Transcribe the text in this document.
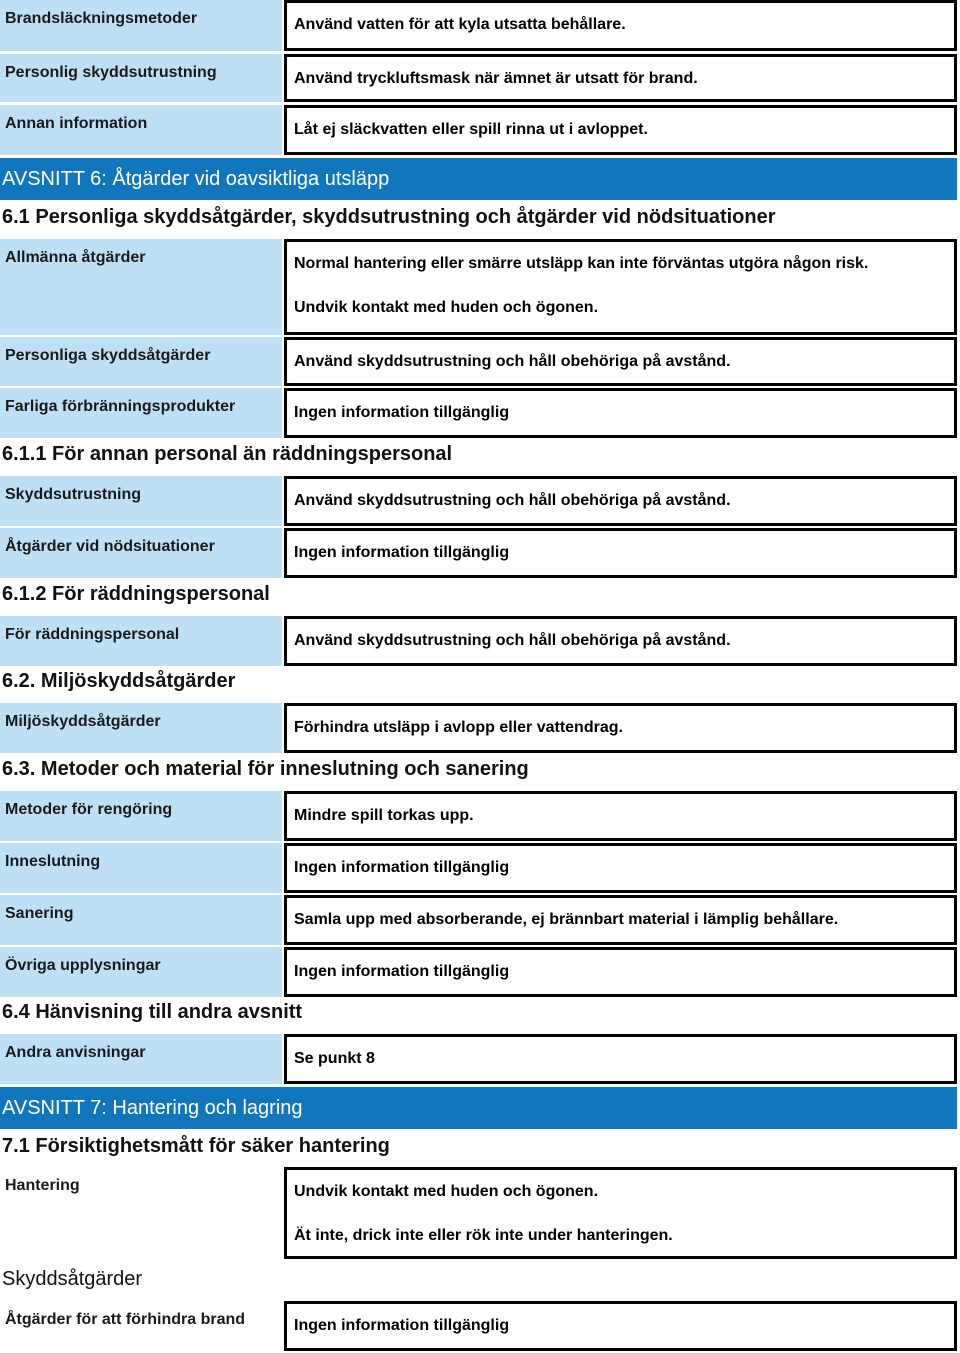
Brandsläckningsmetoder	Använd vatten för att kyla utsatta behållare.
Personlig skyddsutrustning	Använd tryckluftsmask när ämnet är utsatt för brand.
Annan information	Låt ej släckvatten eller spill rinna ut i avloppet.
AVSNITT 6: Åtgärder vid oavsiktliga utsläpp
6.1 Personliga skyddsåtgärder, skyddsutrustning och åtgärder vid nödsituationer
Allmänna åtgärder	Normal hantering eller smärre utsläpp kan inte förväntas utgöra någon risk.
Undvik kontakt med huden och ögonen.
Personliga skyddsåtgärder	Använd skyddsutrustning och håll obehöriga på avstånd.
Farliga förbränningsprodukter	Ingen information tillgänglig
6.1.1 För annan personal än räddningspersonal
Skyddsutrustning	Använd skyddsutrustning och håll obehöriga på avstånd.
Åtgärder vid nödsituationer	Ingen information tillgänglig
6.1.2 För räddningspersonal
För räddningspersonal	Använd skyddsutrustning och håll obehöriga på avstånd.
6.2. Miljöskyddsåtgärder
Miljöskyddsåtgärder	Förhindra utsläpp i avlopp eller vattendrag.
6.3. Metoder och material för inneslutning och sanering
Metoder för rengöring	Mindre spill torkas upp.
Inneslutning	Ingen information tillgänglig
Sanering	Samla upp med absorberande, ej brännbart material i lämplig behållare.
Övriga upplysningar	Ingen information tillgänglig
6.4 Hänvisning till andra avsnitt
Andra anvisningar	Se punkt 8
AVSNITT 7: Hantering och lagring
7.1 Försiktighetsmått för säker hantering
Hantering	Undvik kontakt med huden och ögonen.
Ät inte, drick inte eller rök inte under hanteringen.
Skyddsåtgärder
Åtgärder för att förhindra brand	Ingen information tillgänglig
